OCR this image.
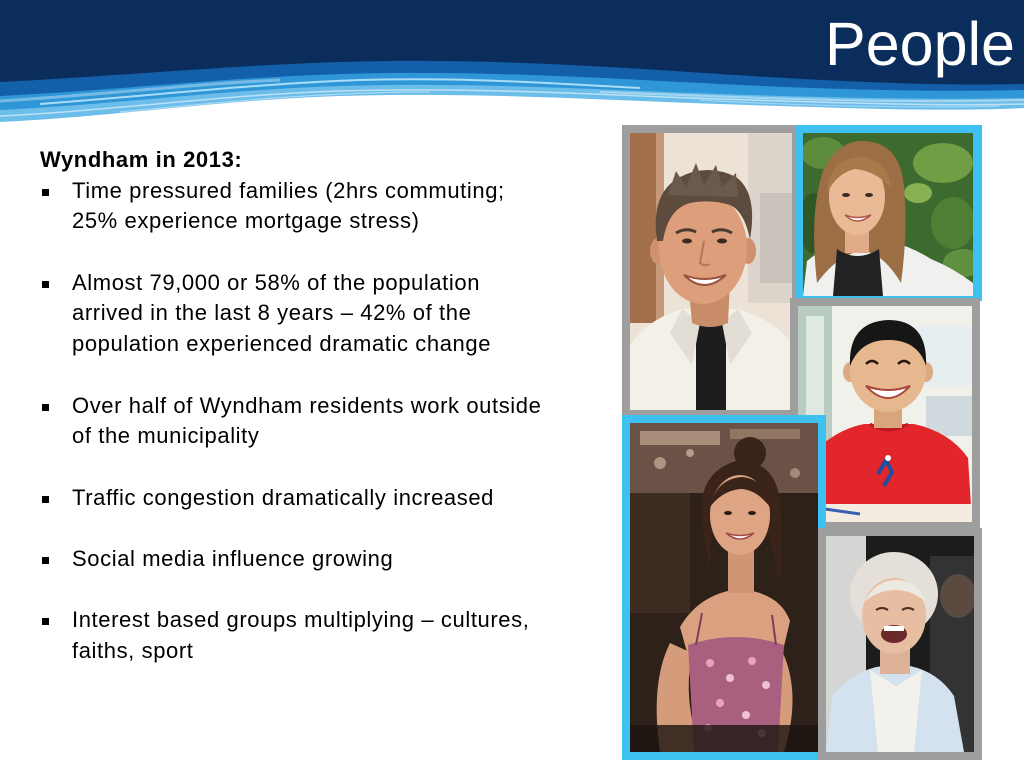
People
Wyndham in 2013:
Time pressured families (2hrs commuting;
25% experience mortgage stress)
Almost 79,000 or 58% of the population
arrived in the last 8 years – 42% of the
population experienced dramatic change
Over half of Wyndham residents work outside
of the municipality
Traffic congestion dramatically increased
Social media influence growing
Interest based groups multiplying – cultures,
faiths, sport
